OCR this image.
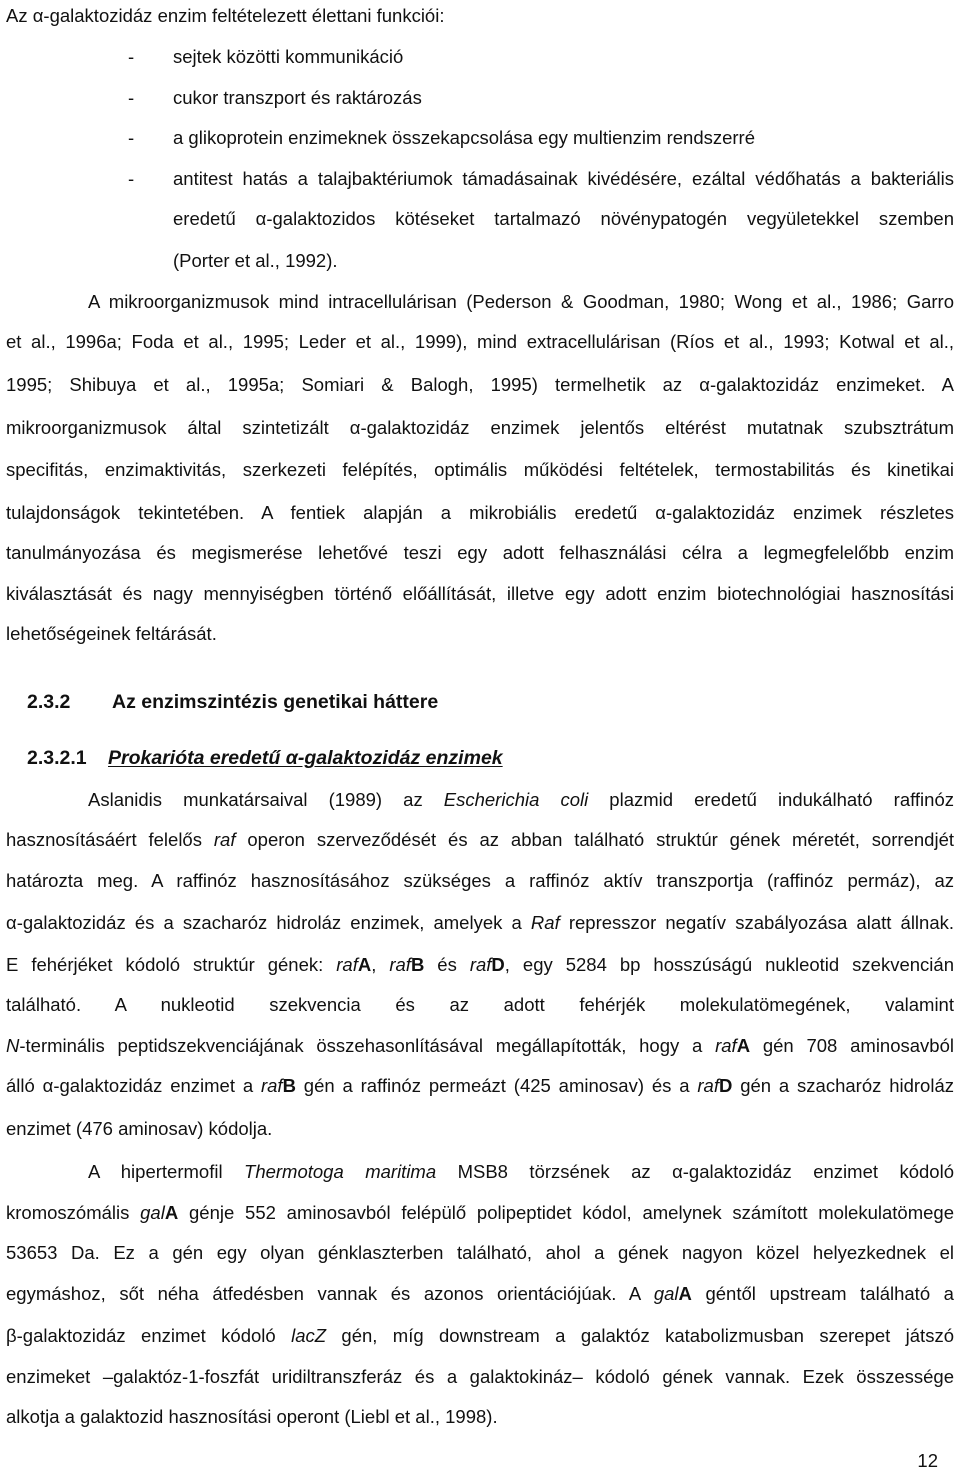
Az α-galaktozidáz enzim feltételezett élettani funkciói:
- sejtek közötti kommunikáció
- cukor transzport és raktározás
- a glikoprotein enzimeknek összekapcsolása egy multienzim rendszerré
- antitest hatás a talajbaktériumok támadásainak kivédésére, ezáltal védőhatás a bakteriális
eredetű α-galaktozidos kötéseket tartalmazó növénypatogén vegyületekkel szemben
(Porter et al., 1992).
A mikroorganizmusok mind intracellulárisan (Pederson & Goodman, 1980; Wong et al., 1986; Garro
et al., 1996a; Foda et al., 1995; Leder et al., 1999), mind extracellulárisan (Ríos et al., 1993; Kotwal et al.,
1995; Shibuya et al., 1995a; Somiari & Balogh, 1995) termelhetik az α-galaktozidáz enzimeket. A
mikroorganizmusok által szintetizált α-galaktozidáz enzimek jelentős eltérést mutatnak szubsztrátum
specifitás, enzimaktivitás, szerkezeti felépítés, optimális működési feltételek, termostabilitás és kinetikai
tulajdonságok tekintetében. A fentiek alapján a mikrobiális eredetű α-galaktozidáz enzimek részletes
tanulmányozása és megismerése lehetővé teszi egy adott felhasználási célra a legmegfelelőbb enzim
kiválasztását és nagy mennyiségben történő előállítását, illetve egy adott enzim biotechnológiai hasznosítási
lehetőségeinek feltárását.
2.3.2 Az enzimszintézis genetikai háttere
2.3.2.1 Prokarióta eredetű α-galaktozidáz enzimek
Aslanidis munkatársaival (1989) az Escherichia coli plazmid eredetű indukálható raffinóz
hasznosításáért felelős raf operon szerveződését és az abban található struktúr gének méretét, sorrendjét
határozta meg. A raffinóz hasznosításához szükséges a raffinóz aktív transzportja (raffinóz permáz), az
α-galaktozidáz és a szacharóz hidroláz enzimek, amelyek a Raf represszor negatív szabályozása alatt állnak.
E fehérjéket kódoló struktúr gének: rafA, rafB és rafD, egy 5284 bp hosszúságú nukleotid szekvencián
található. A nukleotid szekvencia és az adott fehérjék molekulatömegének, valamint
N-terminális peptidszekvenciájának összehasonlításával megállapították, hogy a rafA gén 708 aminosavból
álló α-galaktozidáz enzimet a rafB gén a raffinóz permeázt (425 aminosav) és a rafD gén a szacharóz hidroláz
enzimet (476 aminosav) kódolja.
A hipertermofil Thermotoga maritima MSB8 törzsének az α-galaktozidáz enzimet kódoló
kromoszómális galA génje 552 aminosavból felépülő polipeptidet kódol, amelynek számított molekulatömege
53653 Da. Ez a gén egy olyan génklaszterben található, ahol a gének nagyon közel helyezkednek el
egymáshoz, sőt néha átfedésben vannak és azonos orientációjúak. A galA géntől upstream található a
β-galaktozidáz enzimet kódoló lacZ gén, míg downstream a galaktóz katabolizmusban szerepet játszó
enzimeket –galaktóz-1-foszfát uridiltranszferáz és a galaktokináz– kódoló gének vannak. Ezek összessége
alkotja a galaktozid hasznosítási operont (Liebl et al., 1998).
12
